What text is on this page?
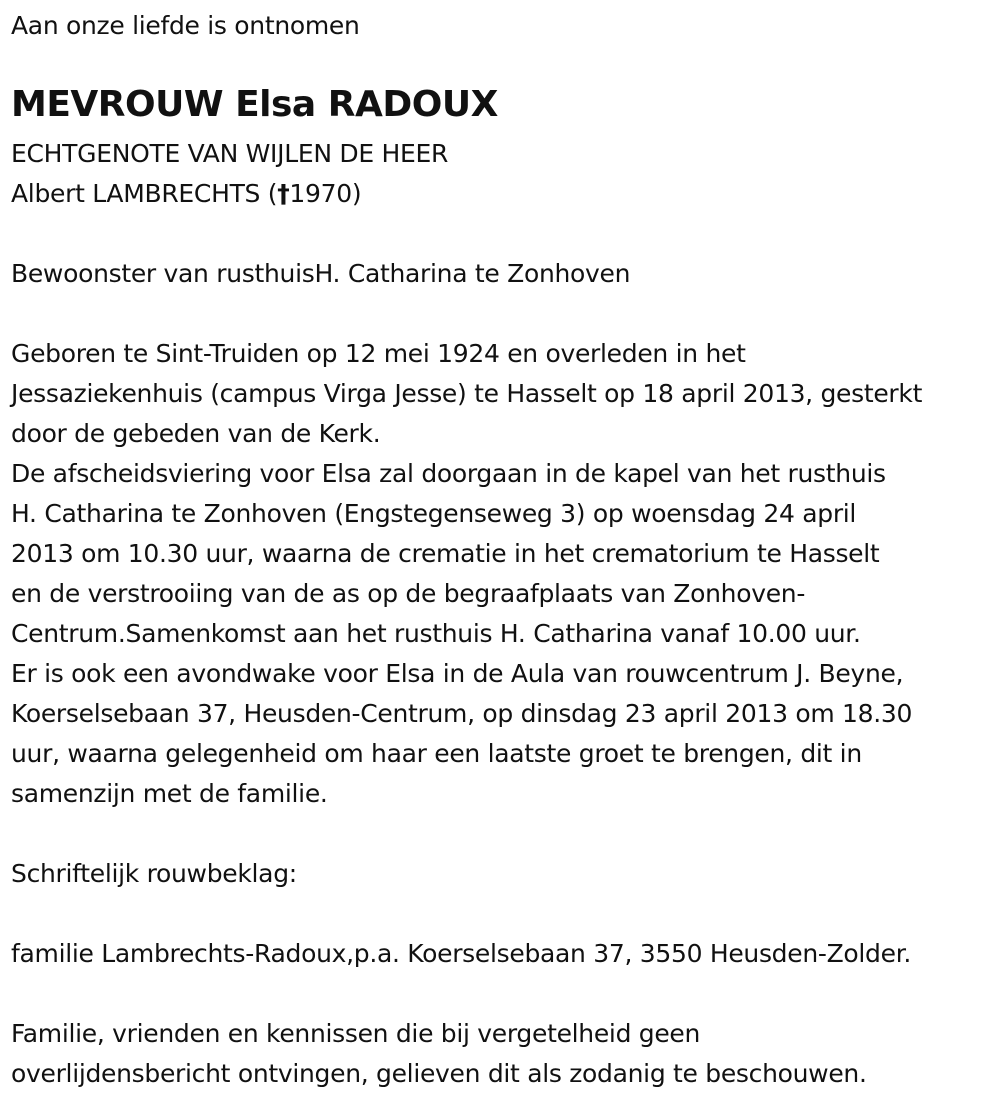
Aan onze liefde is ontnomen
MEVROUW Elsa RADOUX
ECHTGENOTE VAN WIJLEN DE HEER
Albert LAMBRECHTS (†1970)
Bewoonster van rusthuisH. Catharina te Zonhoven
Geboren te Sint-Truiden op 12 mei 1924 en overleden in het
Jessaziekenhuis (campus Virga Jesse) te Hasselt op 18 april 2013, gesterkt
door de gebeden van de Kerk.
De afscheidsviering voor Elsa zal doorgaan in de kapel van het rusthuis
H. Catharina te Zonhoven (Engstegenseweg 3) op woensdag 24 april
2013 om 10.30 uur, waarna de crematie in het crematorium te Hasselt
en de verstrooiing van de as op de begraafplaats van Zonhoven-
Centrum.Samenkomst aan het rusthuis H. Catharina vanaf 10.00 uur.
Er is ook een avondwake voor Elsa in de Aula van rouwcentrum J. Beyne,
Koerselsebaan 37, Heusden-Centrum, op dinsdag 23 april 2013 om 18.30
uur, waarna gelegenheid om haar een laatste groet te brengen, dit in
samenzijn met de familie.
Schriftelijk rouwbeklag:
familie Lambrechts-Radoux,p.a. Koerselsebaan 37, 3550 Heusden-Zolder.
Familie, vrienden en kennissen die bij vergetelheid geen
overlijdensbericht ontvingen, gelieven dit als zodanig te beschouwen.
